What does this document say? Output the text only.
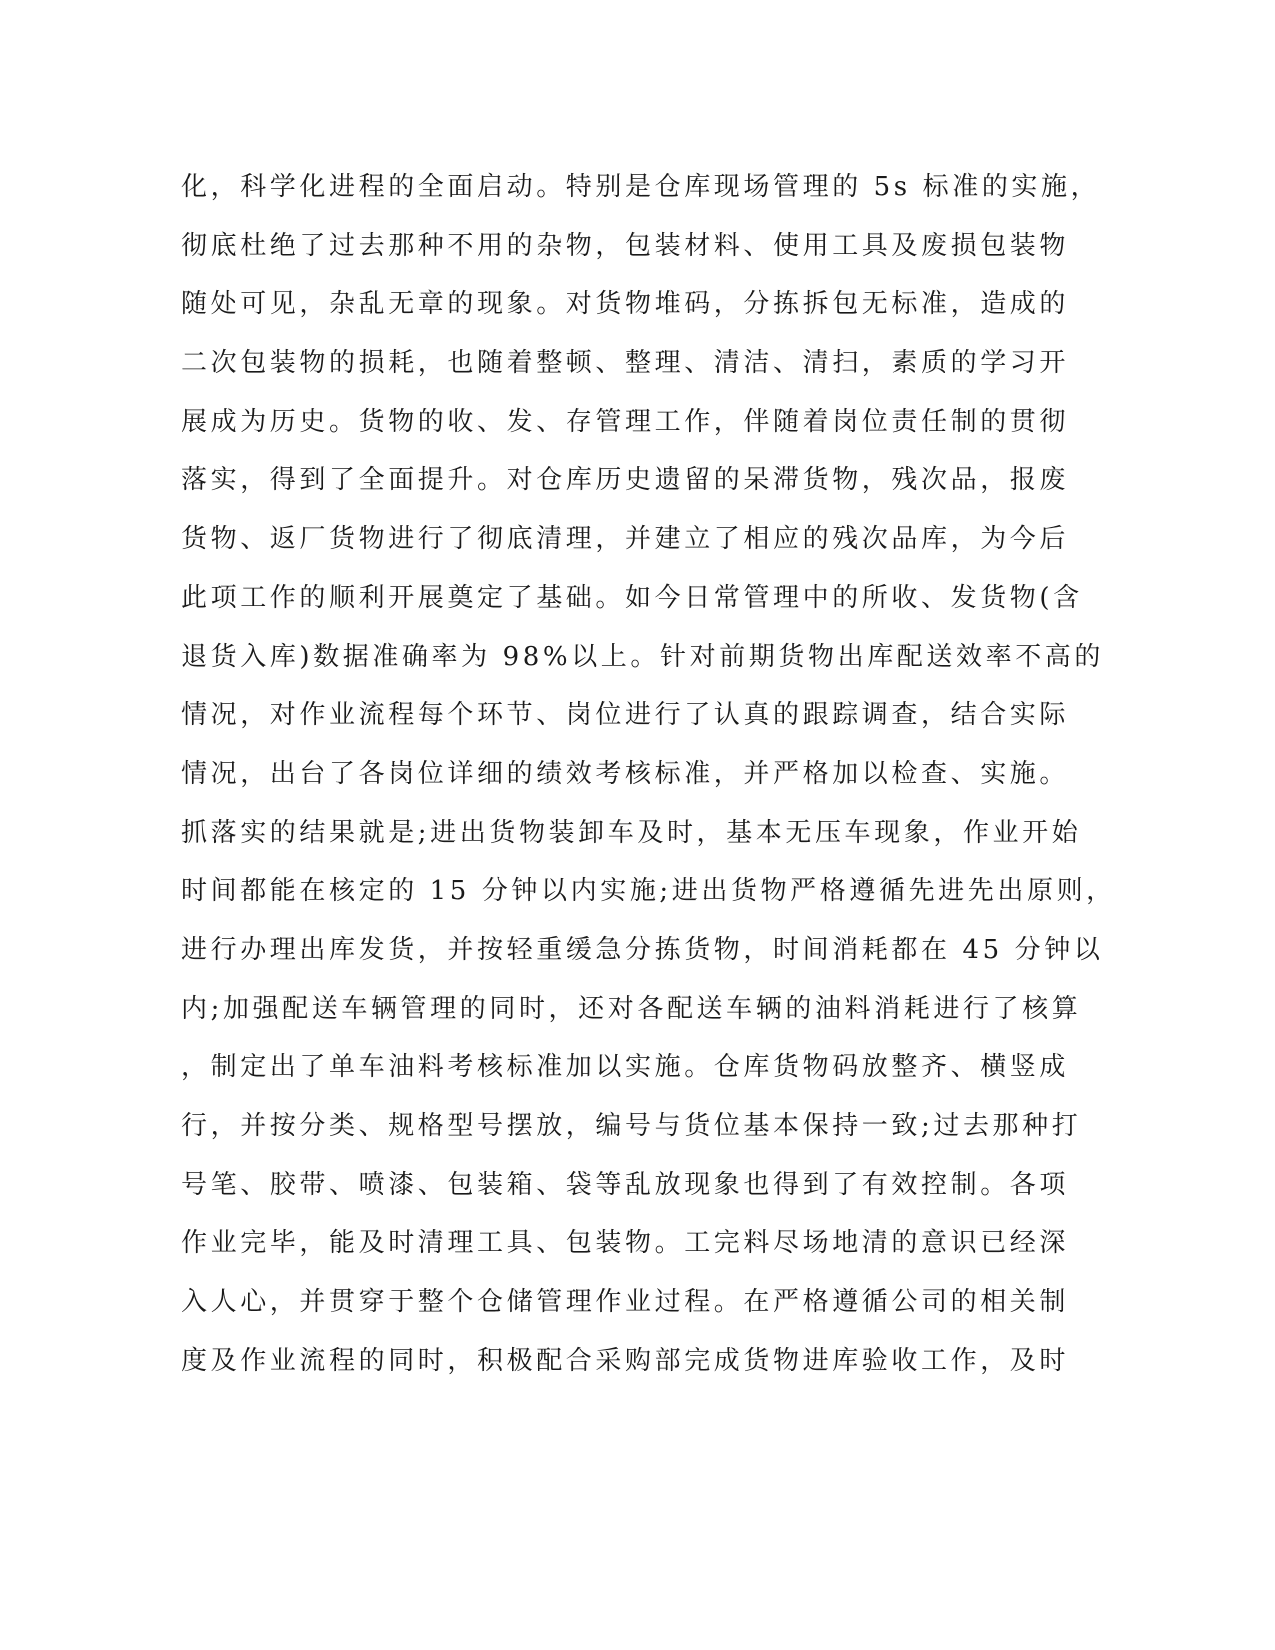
化，科学化进程的全面启动。特别是仓库现场管理的 5s 标准的实施，
彻底杜绝了过去那种不用的杂物，包装材料、使用工具及废损包装物
随处可见，杂乱无章的现象。对货物堆码，分拣拆包无标准，造成的
二次包装物的损耗，也随着整顿、整理、清洁、清扫，素质的学习开
展成为历史。货物的收、发、存管理工作，伴随着岗位责任制的贯彻
落实，得到了全面提升。对仓库历史遗留的呆滞货物，残次品，报废
货物、返厂货物进行了彻底清理，并建立了相应的残次品库，为今后
此项工作的顺利开展奠定了基础。如今日常管理中的所收、发货物(含
退货入库)数据准确率为 98%以上。针对前期货物出库配送效率不高的
情况，对作业流程每个环节、岗位进行了认真的跟踪调查，结合实际
情况，出台了各岗位详细的绩效考核标准，并严格加以检查、实施。
抓落实的结果就是;进出货物装卸车及时，基本无压车现象，作业开始
时间都能在核定的 15 分钟以内实施;进出货物严格遵循先进先出原则，
进行办理出库发货，并按轻重缓急分拣货物，时间消耗都在 45 分钟以
内;加强配送车辆管理的同时，还对各配送车辆的油料消耗进行了核算
，制定出了单车油料考核标准加以实施。仓库货物码放整齐、横竖成
行，并按分类、规格型号摆放，编号与货位基本保持一致;过去那种打
号笔、胶带、喷漆、包装箱、袋等乱放现象也得到了有效控制。各项
作业完毕，能及时清理工具、包装物。工完料尽场地清的意识已经深
入人心，并贯穿于整个仓储管理作业过程。在严格遵循公司的相关制
度及作业流程的同时，积极配合采购部完成货物进库验收工作，及时
